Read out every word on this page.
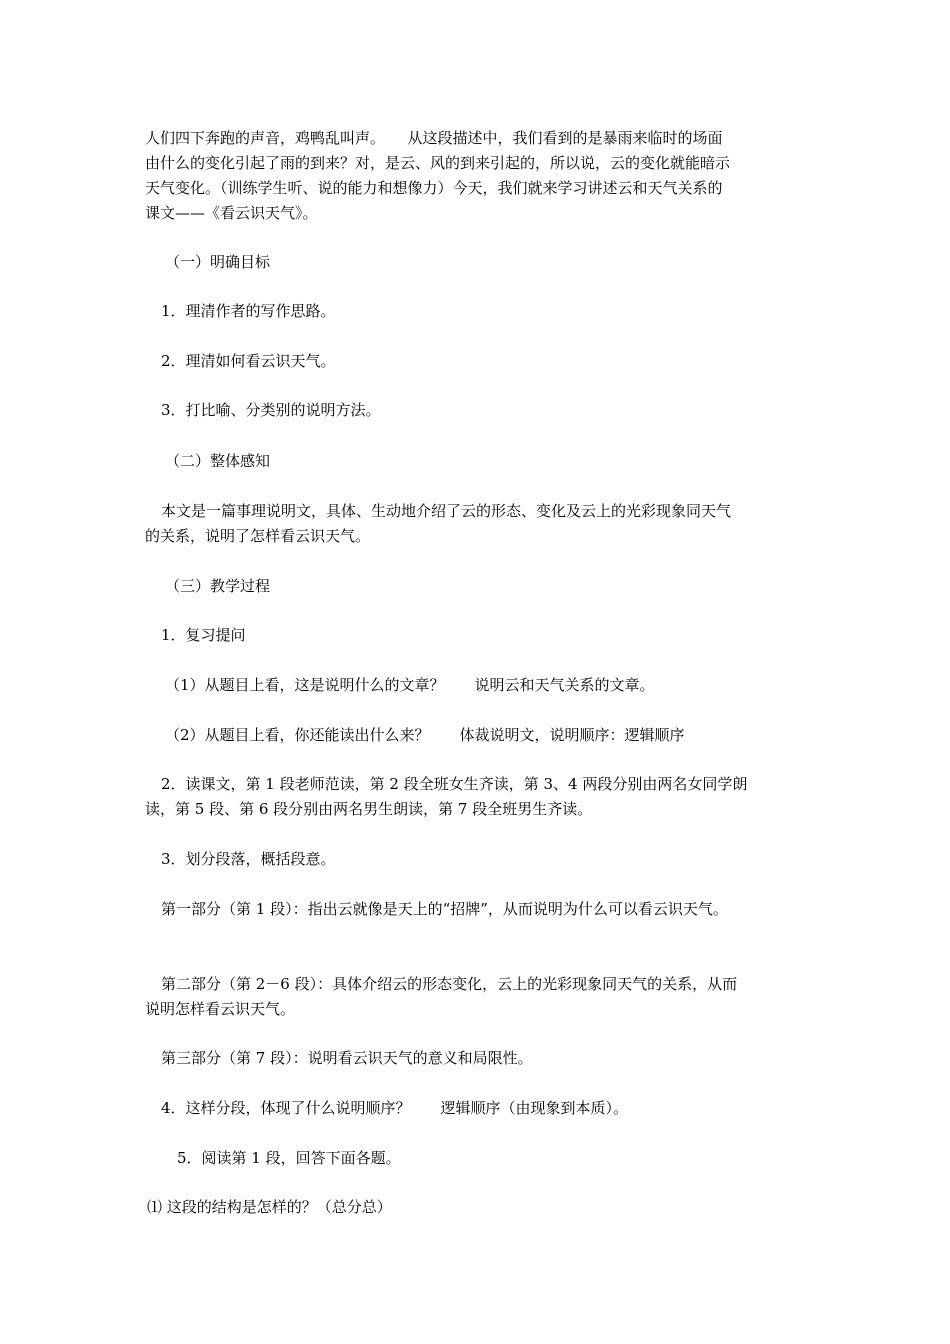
人们四下奔跑的声音，鸡鸭乱叫声。　　从这段描述中，我们看到的是暴雨来临时的场面
由什么的变化引起了雨的到来？对，是云、风的到来引起的，所以说，云的变化就能暗示
天气变化。（训练学生听、说的能力和想像力）今天，我们就来学习讲述云和天气关系的
课文——《看云识天气》。
（一）明确目标
1．理清作者的写作思路。
2．理清如何看云识天气。
3．打比喻、分类别的说明方法。
（二）整体感知
本文是一篇事理说明文，具体、生动地介绍了云的形态、变化及云上的光彩现象同天气
的关系，说明了怎样看云识天气。
（三）教学过程
1．复习提问
（1）从题目上看，这是说明什么的文章？　　说明云和天气关系的文章。
（2）从题目上看，你还能读出什么来？　　体裁说明文，说明顺序：逻辑顺序
2．读课文，第 1 段老师范读，第 2 段全班女生齐读，第 3、4 两段分别由两名女同学朗
读，第 5 段、第 6 段分别由两名男生朗读，第 7 段全班男生齐读。
3．划分段落，概括段意。
第一部分（第 1 段）：指出云就像是天上的“招牌”，从而说明为什么可以看云识天气。
第二部分（第 2－6 段）：具体介绍云的形态变化，云上的光彩现象同天气的关系，从而
说明怎样看云识天气。
第三部分（第 7 段）：说明看云识天气的意义和局限性。
4．这样分段，体现了什么说明顺序？　　逻辑顺序（由现象到本质）。
5．阅读第 1 段，回答下面各题。
⑴ 这段的结构是怎样的？（总分总）
